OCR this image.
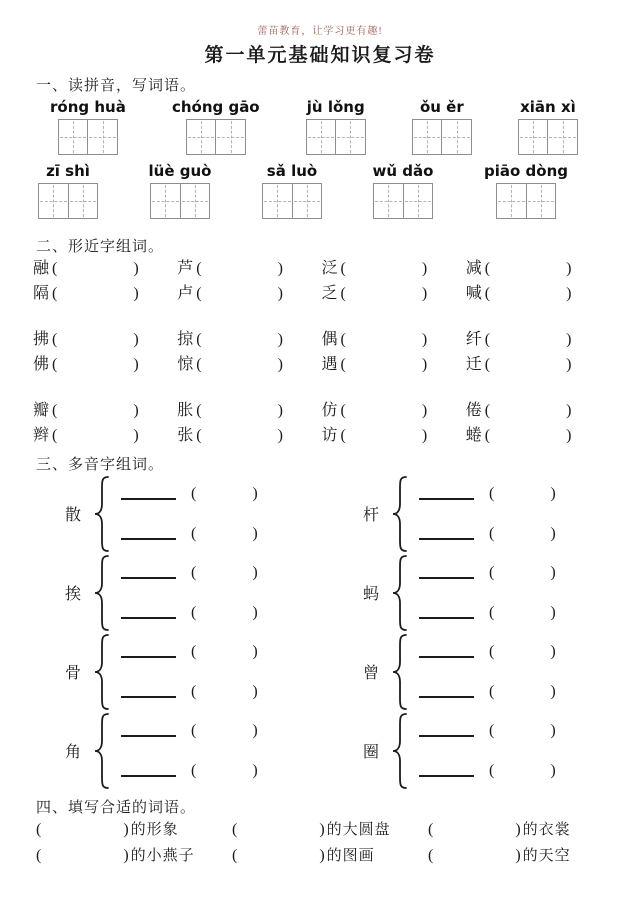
蕾苗教育，让学习更有趣!
第一单元基础知识复习卷
一、读拼音，写词语。
róng huà	chóng gāo	jù lǒng	ǒu ěr	xiān xì
zī shì	lüè guò	sǎ luò	wǔ dǎo	piāo dòng
二、形近字组词。
融 (	) 芦 (	) 泛 (	) 减 (	)
隔 (	) 卢 (	) 乏 (	) 喊 (	)
拂 (	) 掠 (	) 偶 (	) 纤 (	)
佛 (	) 惊 (	) 遇 (	) 迁 (	)
瓣 (	) 胀 (	) 仿 (	) 倦 (	)
辫 (	) 张 (	) 访 (	) 蜷 (	)
三、多音字组词。
散
(	)
(	)
挨
(	)
(	)
骨
(	)
(	)
角
(	)
(	)
杆
(	)
(	)
蚂
(	)
(	)
曾
(	)
(	)
圈
(	)
(	)
四、填写合适的词语。
(	) 的形象	(	) 的大圆盘 (	) 的衣裳
(	) 的小燕子 (	) 的图画	(	) 的天空
